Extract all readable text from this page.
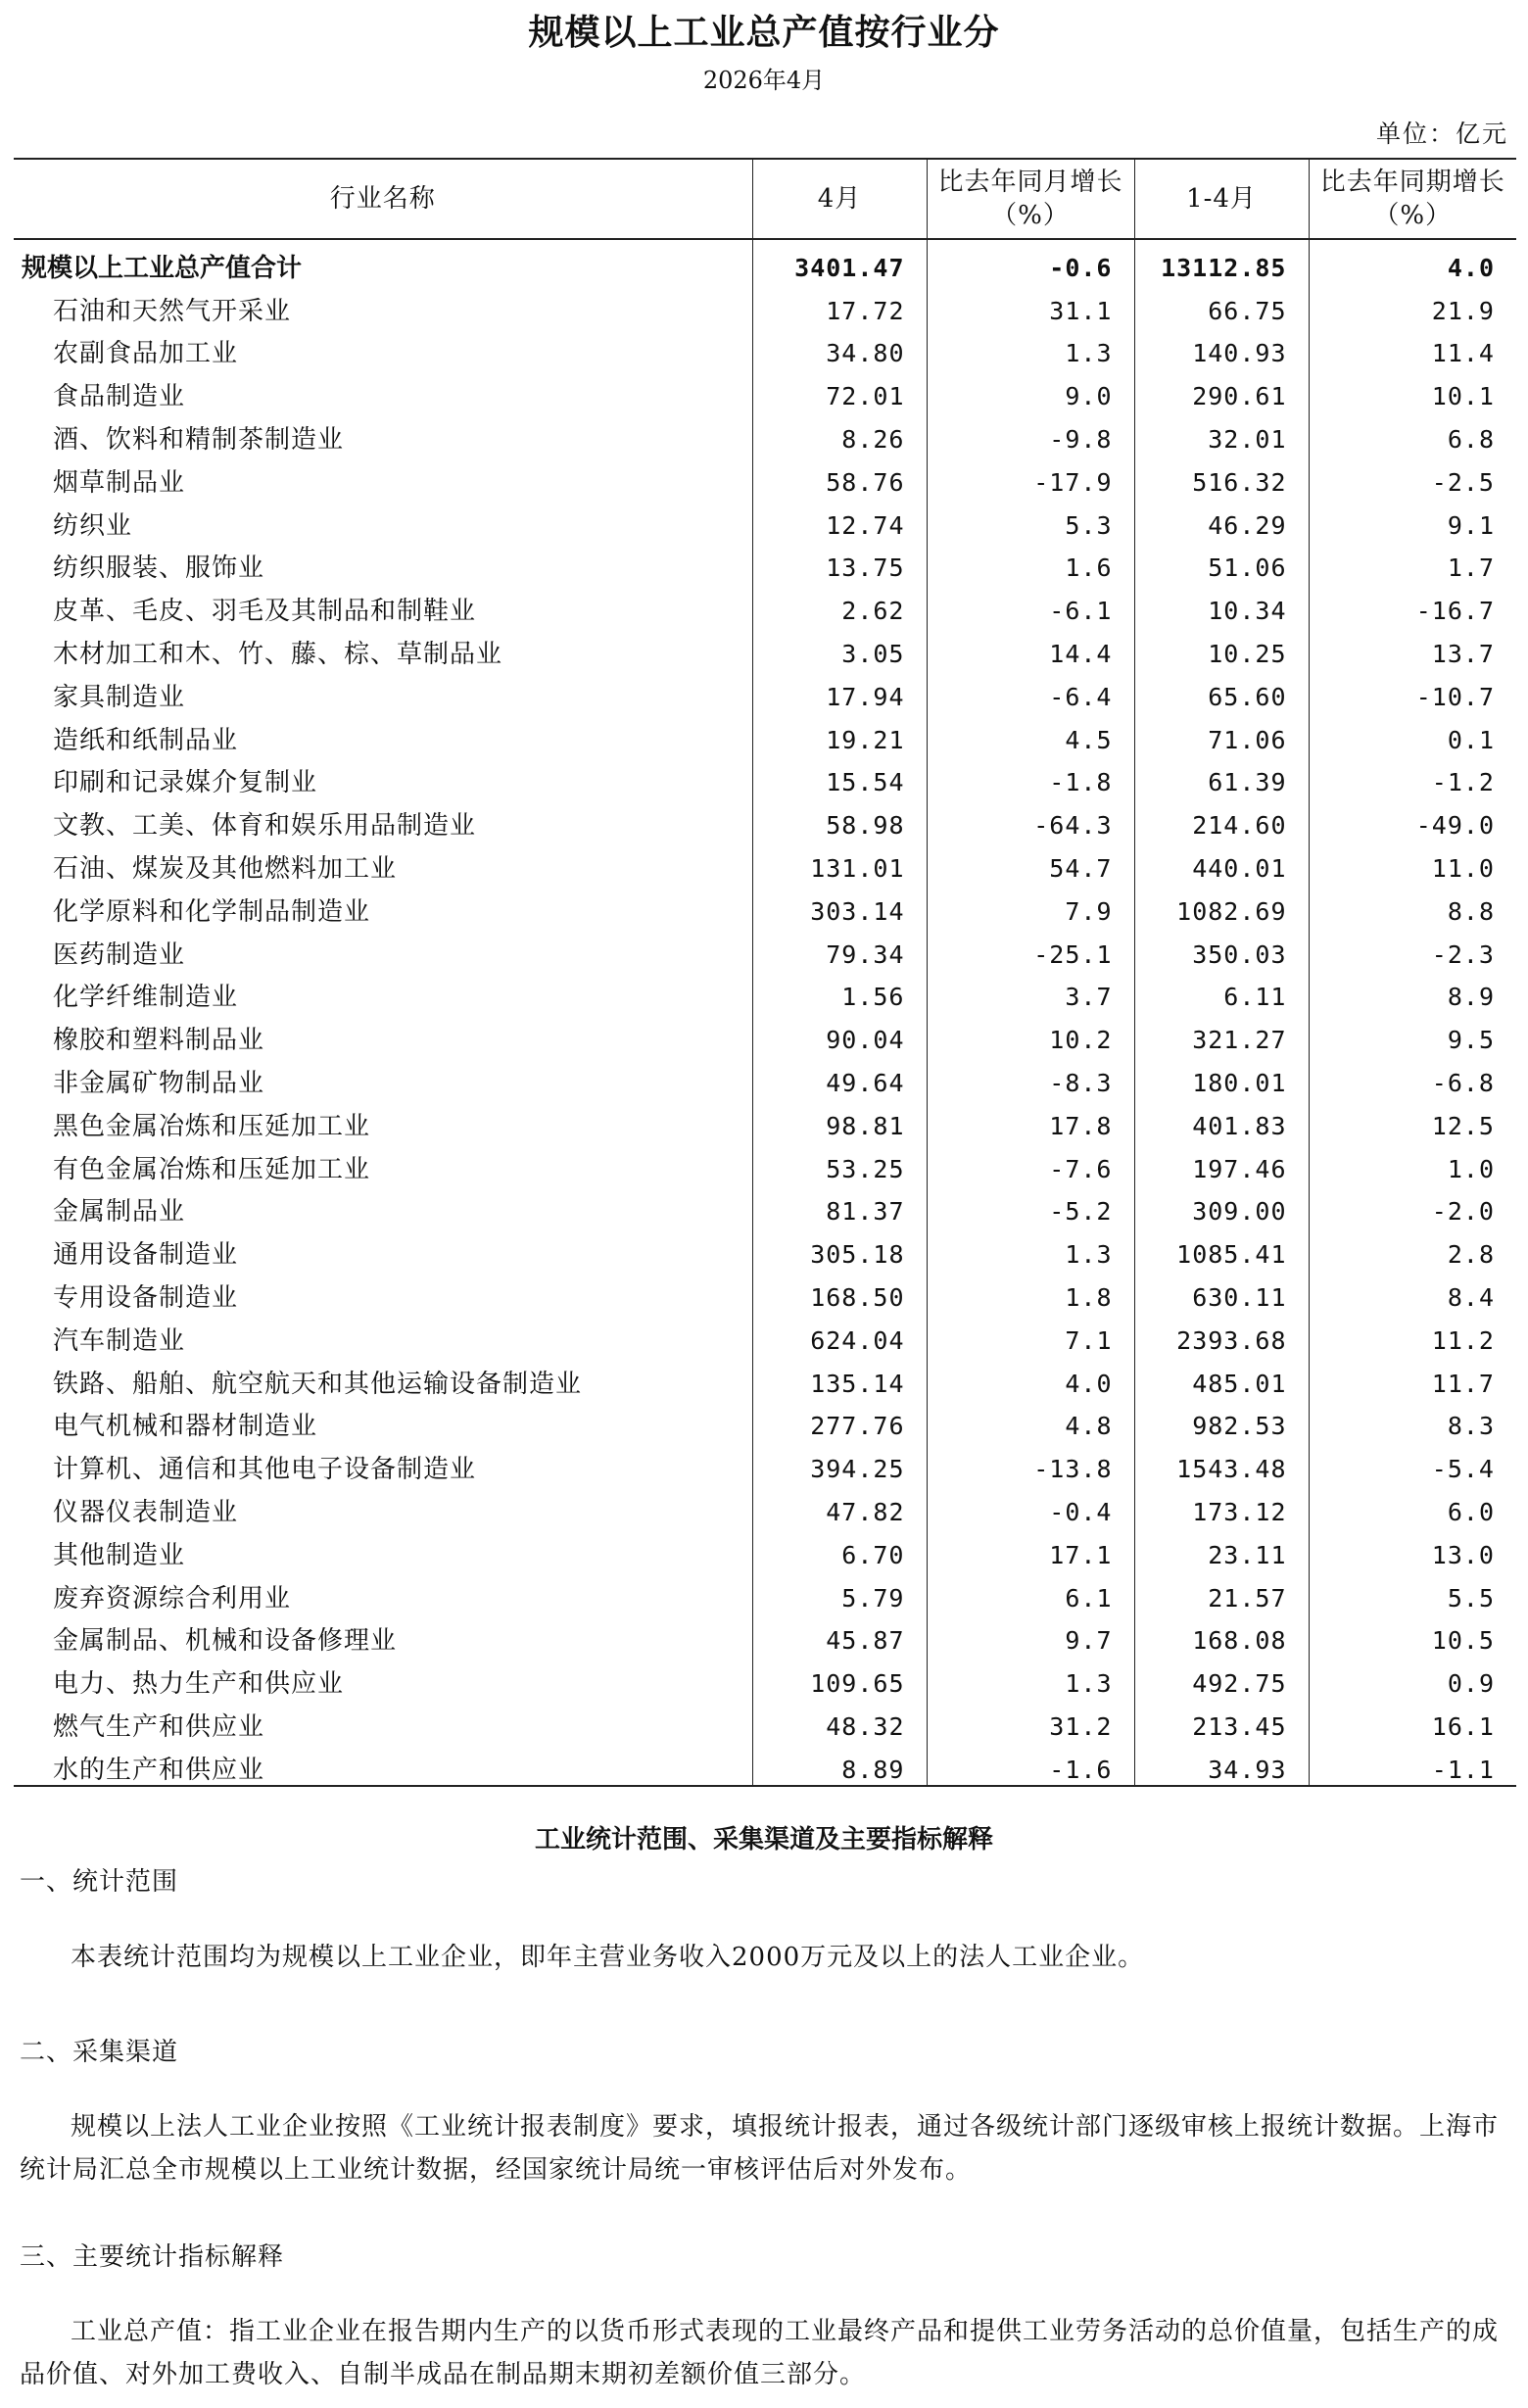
规模以上工业总产值按行业分
2026年4月
单位：亿元
行业名称	4月	比去年同月增长（%）	1-4月	比去年同期增长（%）
规模以上工业总产值合计	3401.47	-0.6	13112.85	4.0
石油和天然气开采业	17.72	31.1	66.75	21.9
农副食品加工业	34.80	1.3	140.93	11.4
食品制造业	72.01	9.0	290.61	10.1
酒、饮料和精制茶制造业	8.26	-9.8	32.01	6.8
烟草制品业	58.76	-17.9	516.32	-2.5
纺织业	12.74	5.3	46.29	9.1
纺织服装、服饰业	13.75	1.6	51.06	1.7
皮革、毛皮、羽毛及其制品和制鞋业	2.62	-6.1	10.34	-16.7
木材加工和木、竹、藤、棕、草制品业	3.05	14.4	10.25	13.7
家具制造业	17.94	-6.4	65.60	-10.7
造纸和纸制品业	19.21	4.5	71.06	0.1
印刷和记录媒介复制业	15.54	-1.8	61.39	-1.2
文教、工美、体育和娱乐用品制造业	58.98	-64.3	214.60	-49.0
石油、煤炭及其他燃料加工业	131.01	54.7	440.01	11.0
化学原料和化学制品制造业	303.14	7.9	1082.69	8.8
医药制造业	79.34	-25.1	350.03	-2.3
化学纤维制造业	1.56	3.7	6.11	8.9
橡胶和塑料制品业	90.04	10.2	321.27	9.5
非金属矿物制品业	49.64	-8.3	180.01	-6.8
黑色金属冶炼和压延加工业	98.81	17.8	401.83	12.5
有色金属冶炼和压延加工业	53.25	-7.6	197.46	1.0
金属制品业	81.37	-5.2	309.00	-2.0
通用设备制造业	305.18	1.3	1085.41	2.8
专用设备制造业	168.50	1.8	630.11	8.4
汽车制造业	624.04	7.1	2393.68	11.2
铁路、船舶、航空航天和其他运输设备制造业	135.14	4.0	485.01	11.7
电气机械和器材制造业	277.76	4.8	982.53	8.3
计算机、通信和其他电子设备制造业	394.25	-13.8	1543.48	-5.4
仪器仪表制造业	47.82	-0.4	173.12	6.0
其他制造业	6.70	17.1	23.11	13.0
废弃资源综合利用业	5.79	6.1	21.57	5.5
金属制品、机械和设备修理业	45.87	9.7	168.08	10.5
电力、热力生产和供应业	109.65	1.3	492.75	0.9
燃气生产和供应业	48.32	31.2	213.45	16.1
水的生产和供应业	8.89	-1.6	34.93	-1.1
工业统计范围、采集渠道及主要指标解释
一、统计范围
本表统计范围均为规模以上工业企业，即年主营业务收入2000万元及以上的法人工业企业。
二、采集渠道
规模以上法人工业企业按照《工业统计报表制度》要求，填报统计报表，通过各级统计部门逐级审核上报统计数据。上海市统计局汇总全市规模以上工业统计数据，经国家统计局统一审核评估后对外发布。
三、主要统计指标解释
工业总产值：指工业企业在报告期内生产的以货币形式表现的工业最终产品和提供工业劳务活动的总价值量，包括生产的成品价值、对外加工费收入、自制半成品在制品期末期初差额价值三部分。
